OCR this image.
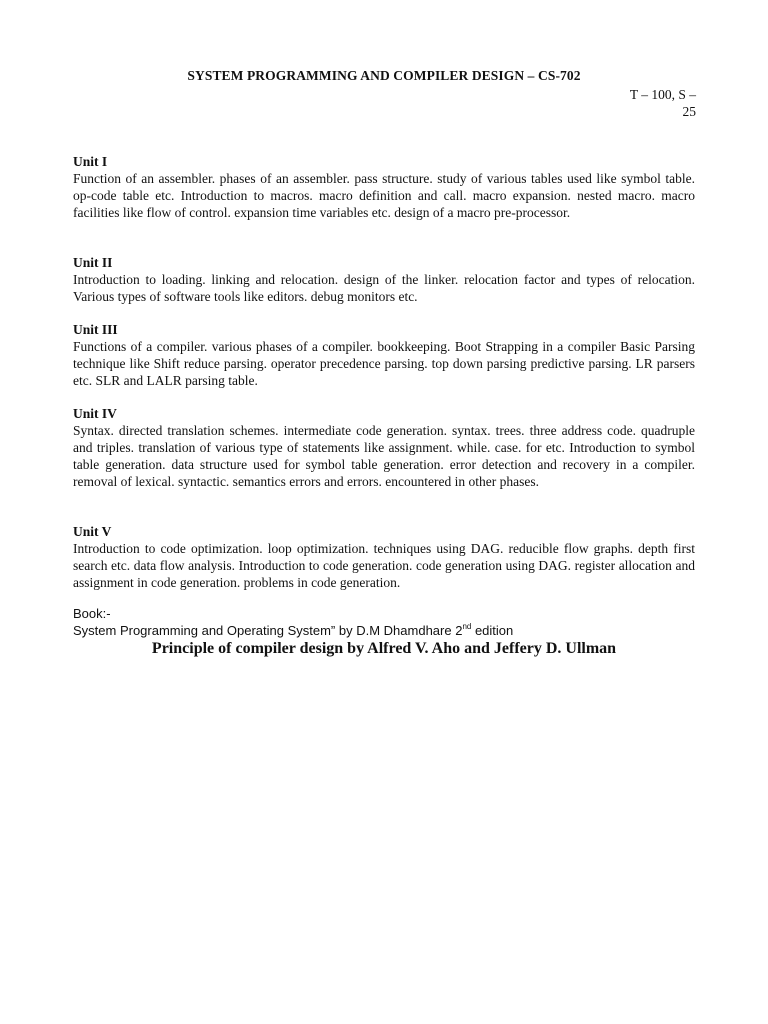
SYSTEM PROGRAMMING AND COMPILER DESIGN – CS-702
T – 100, S –
25
Unit I
Function of an assembler. phases of an assembler. pass structure. study of various tables used like symbol table. op-code table etc. Introduction to macros. macro definition and call. macro expansion. nested macro. macro facilities like flow of control. expansion time variables etc. design of a macro pre-processor.
Unit II
Introduction to loading. linking and relocation. design of the linker. relocation factor and types of relocation. Various types of software tools like editors. debug monitors etc.
Unit III
Functions of a compiler. various phases of a compiler. bookkeeping. Boot Strapping in a compiler Basic Parsing technique like Shift reduce parsing. operator precedence parsing. top down parsing predictive parsing. LR parsers etc. SLR and LALR parsing table.
Unit IV
Syntax. directed translation schemes. intermediate code generation. syntax. trees. three address code. quadruple and triples. translation of various type of statements like assignment. while. case. for etc. Introduction to symbol table generation. data structure used for symbol table generation. error detection and recovery in a compiler. removal of lexical. syntactic. semantics errors and errors. encountered in other phases.
Unit V
Introduction to code optimization. loop optimization. techniques using DAG. reducible flow graphs. depth first search etc. data flow analysis. Introduction to code generation. code generation using DAG. register allocation and assignment in code generation. problems in code generation.
Book:-
System Programming and Operating System” by D.M Dhamdhare 2nd edition
Principle of compiler design by Alfred V. Aho and Jeffery D. Ullman
